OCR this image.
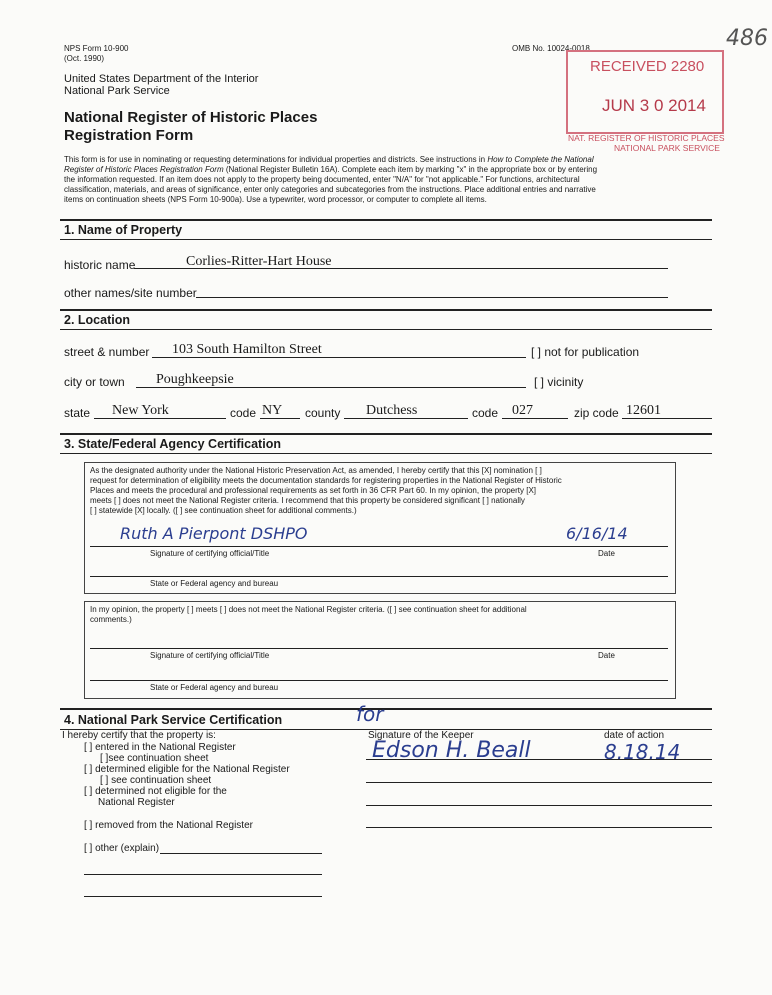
NPS Form 10-900
(Oct. 1990)
OMB No. 10024-0018	486
United States Department of the Interior
National Park Service
National Register of Historic Places
Registration Form
RECEIVED 2280
JUN 3 0 2014
NAT. REGISTER OF HISTORIC PLACES
NATIONAL PARK SERVICE
This form is for use in nominating or requesting determinations for individual properties and districts. See instructions in How to Complete the National
Register of Historic Places Registration Form (National Register Bulletin 16A). Complete each item by marking "x" in the appropriate box or by entering
the information requested. If an item does not apply to the property being documented, enter "N/A" for "not applicable." For functions, architectural
classification, materials, and areas of significance, enter only categories and subcategories from the instructions. Place additional entries and narrative
items on continuation sheets (NPS Form 10-900a). Use a typewriter, word processor, or computer to complete all items.
1. Name of Property
historic name	Corlies-Ritter-Hart House
other names/site number
2. Location
street & number 103 South Hamilton Street	[ ] not for publication
city or town Poughkeepsie	[ ] vicinity
state New York	code NY county Dutchess	code 027	zip code 12601
3. State/Federal Agency Certification
As the designated authority under the National Historic Preservation Act, as amended, I hereby certify that this [X] nomination [ ]
request for determination of eligibility meets the documentation standards for registering properties in the National Register of Historic
Places and meets the procedural and professional requirements as set forth in 36 CFR Part 60. In my opinion, the property [X]
meets [ ] does not meet the National Register criteria. I recommend that this property be considered significant [ ] nationally
[ ] statewide [X] locally. ([ ] see continuation sheet for additional comments.)
Ruth A Pierpont DSHPO	6/16/14
Signature of certifying official/Title	Date
State or Federal agency and bureau
In my opinion, the property [ ] meets [ ] does not meet the National Register criteria. ([ ] see continuation sheet for additional
comments.)
Signature of certifying official/Title	Date
State or Federal agency and bureau
4. National Park Service Certification
I hereby certify that the property is:
[ ] entered in the National Register
[ ]see continuation sheet
[ ] determined eligible for the National Register
[ ] see continuation sheet
[ ] determined not eligible for the
National Register
[ ] removed from the National Register
[ ] other (explain)
Signature of the Keeper	date of action
for
Edson H. Beall	8.18.14
